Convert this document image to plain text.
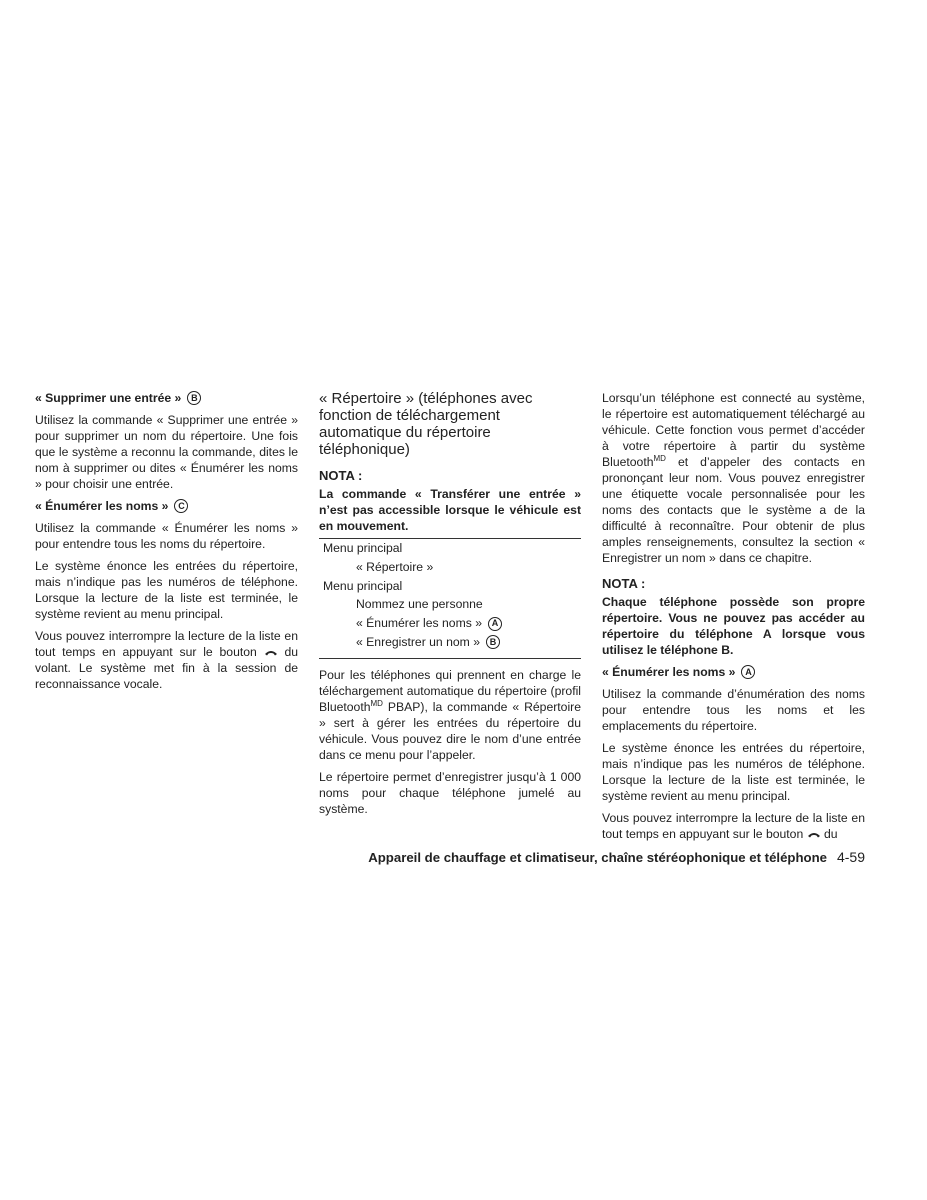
« Supprimer une entrée »	B

Utilisez la commande « Supprimer une entrée » pour supprimer un nom du répertoire. Une fois que le système a reconnu la commande, dites le nom à supprimer ou dites « Énumérer les noms » pour choisir une entrée.

« Énumérer les noms »	C

Utilisez la commande « Énumérer les noms » pour entendre tous les noms du répertoire.

Le système énonce les entrées du répertoire, mais n’indique pas les numéros de téléphone. Lorsque la lecture de la liste est terminée, le système revient au menu principal.

Vous pouvez interrompre la lecture de la liste en tout temps en appuyant sur le bouton du volant. Le système met fin à la session de reconnaissance vocale.

« Répertoire » (téléphones avec fonction de téléchargement automatique du répertoire téléphonique)
NOTA :
La commande « Transférer une entrée » n’est pas accessible lorsque le véhicule est en mouvement.
Menu principal
« Répertoire »
Menu principal
Nommez une personne
« Énumérer les noms »	A
« Enregistrer un nom »	B

Pour les téléphones qui prennent en charge le téléchargement automatique du répertoire (profil Bluetooth$^{MD}$ PBAP), la commande « Répertoire » sert à gérer les entrées du répertoire du véhicule. Vous pouvez dire le nom d’une entrée dans ce menu pour l’appeler.

Le répertoire permet d’enregistrer jusqu’à 1 000 noms pour chaque téléphone jumelé au système.

Lorsqu’un téléphone est connecté au système, le répertoire est automatiquement téléchargé au véhicule. Cette fonction vous permet d’accéder à votre répertoire à partir du système Bluetooth$^{MD}$ et d’appeler des contacts en prononçant leur nom. Vous pouvez enregistrer une étiquette vocale personnalisée pour les noms des contacts que le système a de la difficulté à reconnaître. Pour obtenir de plus amples renseignements, consultez la section « Enregistrer un nom » dans ce chapitre.

NOTA :
Chaque téléphone possède son propre répertoire. Vous ne pouvez pas accéder au répertoire du téléphone A lorsque vous utilisez le téléphone B.
« Énumérer les noms »	A

Utilisez la commande d’énumération des noms pour entendre tous les noms et les emplacements du répertoire.

Le système énonce les entrées du répertoire, mais n’indique pas les numéros de téléphone. Lorsque la lecture de la liste est terminée, le système revient au menu principal.

Vous pouvez interrompre la lecture de la liste en tout temps en appuyant sur le bouton du

Appareil de chauffage et climatiseur, chaîne stéréophonique et téléphone 4-59
